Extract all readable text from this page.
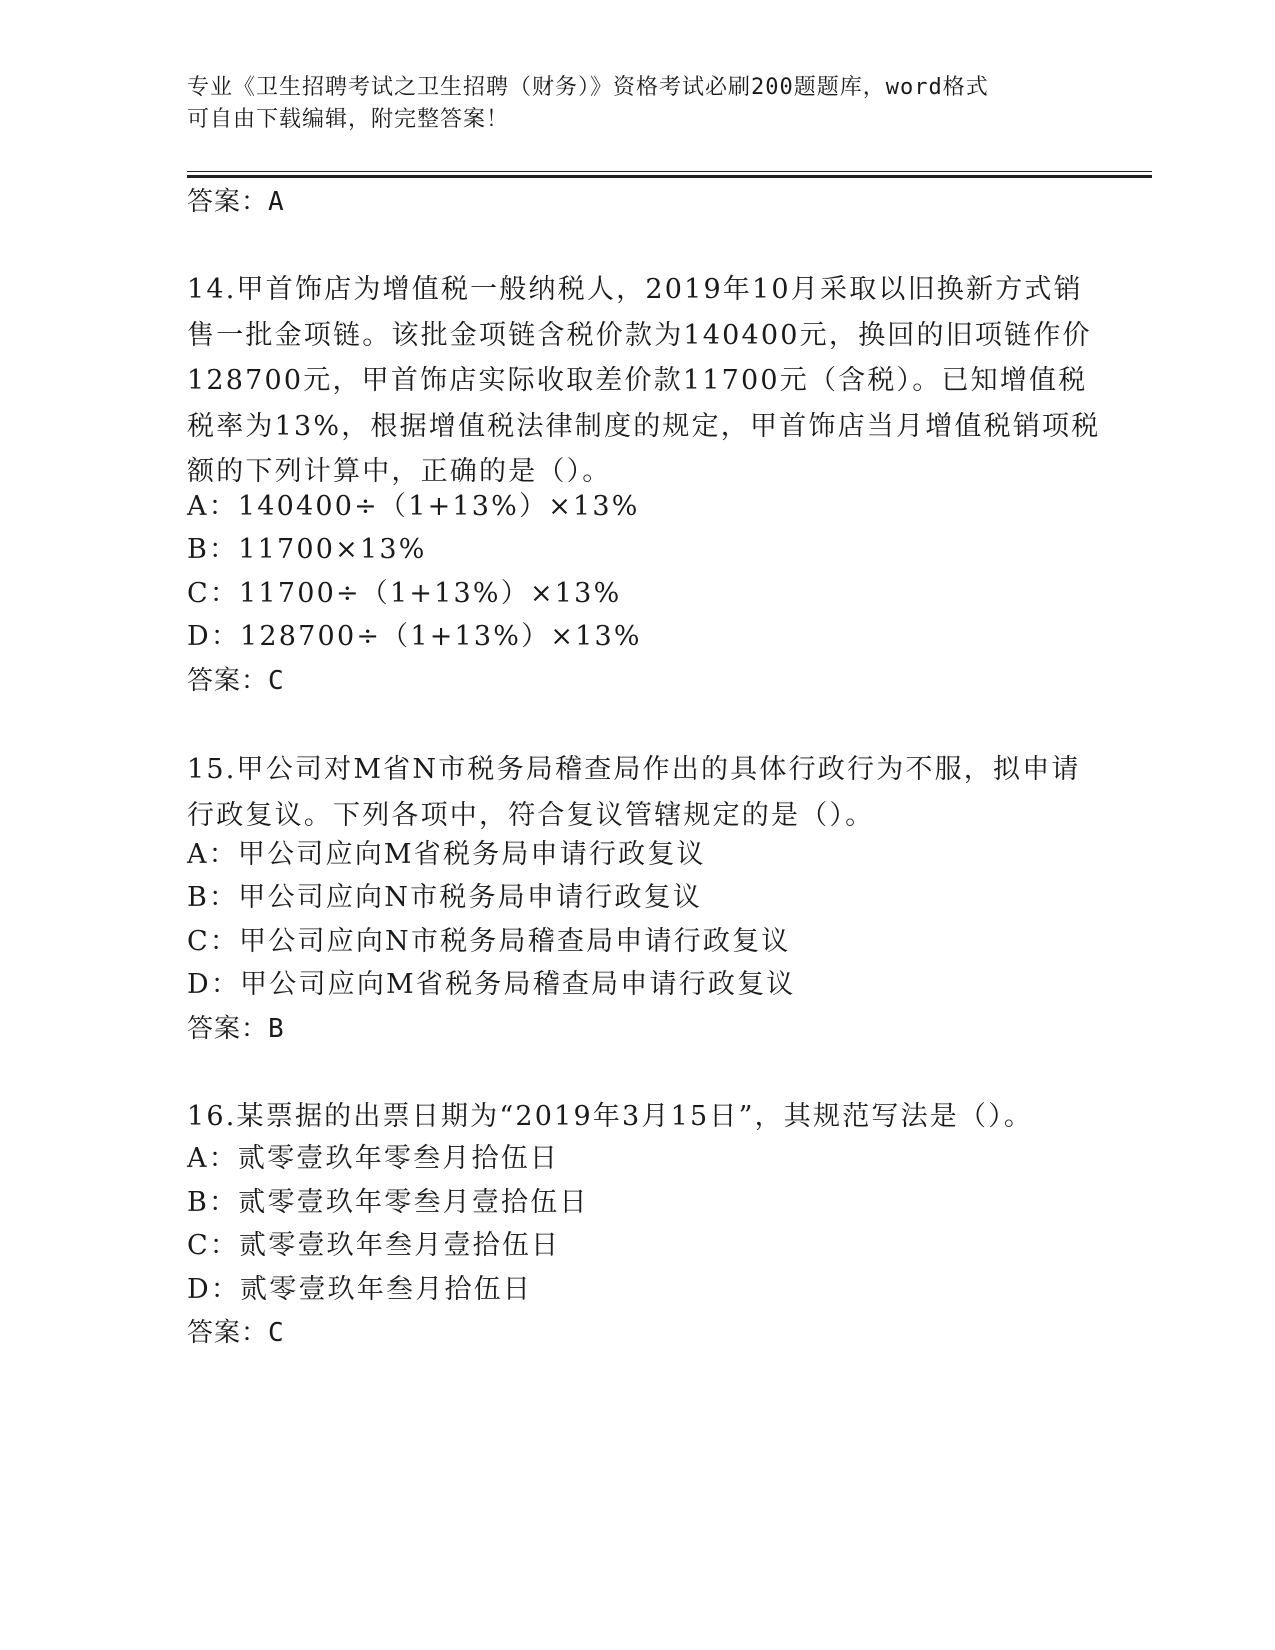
专业《卫生招聘考试之卫生招聘（财务）》资格考试必刷200题题库，word格式
可自由下载编辑，附完整答案！
答案：A
14.甲首饰店为增值税一般纳税人，2019年10月采取以旧换新方式销
售一批金项链。该批金项链含税价款为140400元，换回的旧项链作价
128700元，甲首饰店实际收取差价款11700元（含税）。已知增值税
税率为13%，根据增值税法律制度的规定，甲首饰店当月增值税销项税
额的下列计算中，正确的是（）。
A：140400÷（1+13%）×13%
B：11700×13%
C：11700÷（1+13%）×13%
D：128700÷（1+13%）×13%
答案：C
15.甲公司对M省N市税务局稽查局作出的具体行政行为不服，拟申请
行政复议。下列各项中，符合复议管辖规定的是（）。
A：甲公司应向M省税务局申请行政复议
B：甲公司应向N市税务局申请行政复议
C：甲公司应向N市税务局稽查局申请行政复议
D：甲公司应向M省税务局稽查局申请行政复议
答案：B
16.某票据的出票日期为“2019年3月15日”，其规范写法是（）。
A：贰零壹玖年零叁月拾伍日
B：贰零壹玖年零叁月壹拾伍日
C：贰零壹玖年叁月壹拾伍日
D：贰零壹玖年叁月拾伍日
答案：C
